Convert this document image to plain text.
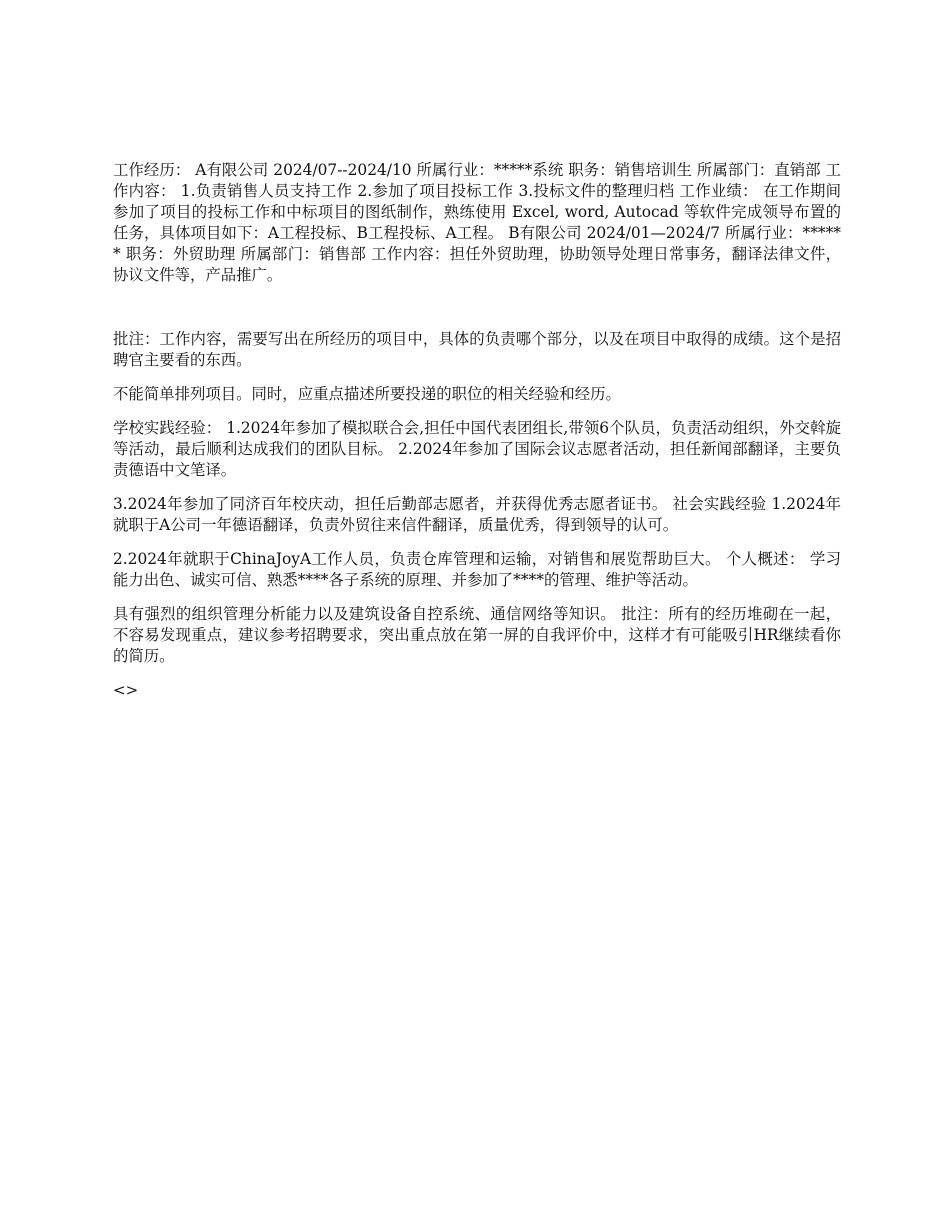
工作经历： A有限公司 2024/07--2024/10 所属行业：*****系统 职务：销售培训生 所属部门：直销部 工作内容： 1.负责销售人员支持工作 2.参加了项目投标工作 3.投标文件的整理归档 工作业绩： 在工作期间参加了项目的投标工作和中标项目的图纸制作，熟练使用 Excel, word, Autocad 等软件完成领导布置的任务，具体项目如下：A工程投标、B工程投标、A工程。 B有限公司 2024/01—2024/7 所属行业：****** 职务：外贸助理 所属部门：销售部 工作内容：担任外贸助理，协助领导处理日常事务，翻译法律文件，协议文件等，产品推广。

批注：工作内容，需要写出在所经历的项目中，具体的负责哪个部分，以及在项目中取得的成绩。这个是招聘官主要看的东西。

不能简单排列项目。同时，应重点描述所要投递的职位的相关经验和经历。

学校实践经验： 1.2024年参加了模拟联合会,担任中国代表团组长,带领6个队员，负责活动组织，外交斡旋等活动，最后顺利达成我们的团队目标。 2.2024年参加了国际会议志愿者活动，担任新闻部翻译，主要负责德语中文笔译。

3.2024年参加了同济百年校庆动，担任后勤部志愿者，并获得优秀志愿者证书。 社会实践经验 1.2024年就职于A公司一年德语翻译，负责外贸往来信件翻译，质量优秀，得到领导的认可。

2.2024年就职于ChinaJoyA工作人员，负责仓库管理和运输，对销售和展览帮助巨大。 个人概述： 学习能力出色、诚实可信、熟悉****各子系统的原理、并参加了****的管理、维护等活动。

具有强烈的组织管理分析能力以及建筑设备自控系统、通信网络等知识。 批注：所有的经历堆砌在一起，不容易发现重点，建议参考招聘要求，突出重点放在第一屏的自我评价中，这样才有可能吸引HR继续看你的简历。

<>
